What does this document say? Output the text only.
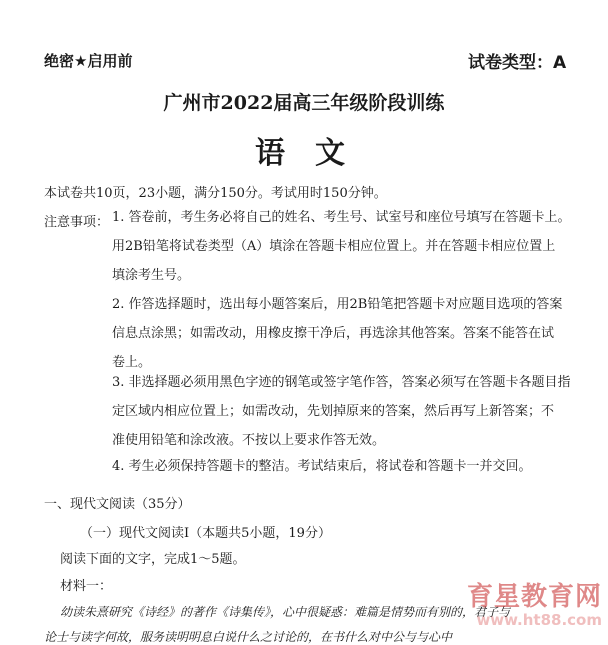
绝密★启用前	试卷类型：A
广州市2022届高三年级阶段训练
语文
本试卷共10页，23小题，满分150分。考试用时150分钟。
注意事项： 1. 答卷前，考生务必将自己的姓名、考生号、试室号和座位号填写在答题卡上。
用2B铅笔将试卷类型（A）填涂在答题卡相应位置上。并在答题卡相应位置上
填涂考生号。
2. 作答选择题时，选出每小题答案后，用2B铅笔把答题卡对应题目选项的答案
信息点涂黑；如需改动，用橡皮擦干净后，再选涂其他答案。答案不能答在试
卷上。
3. 非选择题必须用黑色字迹的钢笔或签字笔作答，答案必须写在答题卡各题目指
定区域内相应位置上；如需改动，先划掉原来的答案，然后再写上新答案；不
准使用铅笔和涂改液。不按以上要求作答无效。
4. 考生必须保持答题卡的整洁。考试结束后，将试卷和答题卡一并交回。
一、现代文阅读（35分）
（一）现代文阅读Ⅰ（本题共5小题，19分）
阅读下面的文字，完成1～5题。
材料一：
幼读朱熹研究《诗经》的著作《诗集传》，心中很疑惑：难篇是情势而有别的，君子与
论士与读字何故，服务读明明息白说什么之讨论的，在书什么对中公与与心中
育星教育网
www.ht88.com
